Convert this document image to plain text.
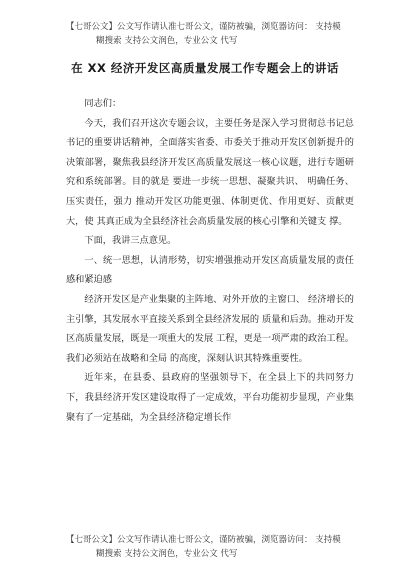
【七哥公文】公文写作请认准七哥公文，谨防被骗，浏览器访问： 支持模
糊搜索 支持公文润色，专业公文 代写
在 XX 经济开发区高质量发展工作专题会上的讲话

同志们：

今天，我们召开这次专题会议，主要任务是深入学习贯彻总书记总书记的重要讲话精神，全面落实省委、市委关于推动开发区创新提升的决策部署，聚焦我县经济开发区高质量发展这一核心议题，进行专题研究和系统部署。目的就是 要进一步统一思想、凝聚共识、 明确任务、压实责任，强力 推动开发区功能更强、体制更优、作用更好、贡献更大，使 其真正成为全县经济社会高质量发展的核心引擎和关键支 撑。

下面，我讲三点意见。

一、统一思想，认清形势，切实增强推动开发区高质量发展的责任感和紧迫感

经济开发区是产业集聚的主阵地、对外开放的主窗口、 经济增长的主引擎，其发展水平直接关系到全县经济发展的 质量和后劲。推动开发区高质量发展，既是一项重大的发展 工程，更是一项严肃的政治工程。 我们必须站在战略和全局 的高度，深刻认识其特殊重要性。

近年来，在县委、县政府的坚强领导下，在全县上下的共同努力下，我县经济开发区建设取得了一定成效，平台功能初步显现，产业集聚有了一定基础，为全县经济稳定增长作

【七哥公文】公文写作请认准七哥公文，谨防被骗，浏览器访问： 支持模
糊搜索 支持公文润色，专业公文 代写
